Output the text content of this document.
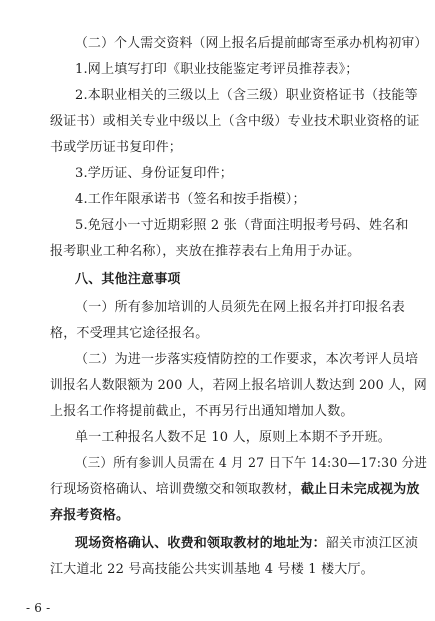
（二）个人需交资料（网上报名后提前邮寄至承办机构初审）
1.网上填写打印《职业技能鉴定考评员推荐表》；
2.本职业相关的三级以上（含三级）职业资格证书（技能等
级证书）或相关专业中级以上（含中级）专业技术职业资格的证
书或学历证书复印件；
3.学历证、身份证复印件；
4.工作年限承诺书（签名和按手指模）；
5.免冠小一寸近期彩照 2 张（背面注明报考号码、姓名和
报考职业工种名称），夹放在推荐表右上角用于办证。
八、其他注意事项
（一）所有参加培训的人员须先在网上报名并打印报名表
格，不受理其它途径报名。
（二）为进一步落实疫情防控的工作要求，本次考评人员培
训报名人数限额为 200 人，若网上报名培训人数达到 200 人，网
上报名工作将提前截止，不再另行出通知增加人数。
单一工种报名人数不足 10 人，原则上本期不予开班。
（三）所有参训人员需在 4 月 27 日下午 14:30—17:30 分进
行现场资格确认、培训费缴交和领取教材，截止日未完成视为放
弃报考资格。
现场资格确认、收费和领取教材的地址为：韶关市浈江区浈
江大道北 22 号高技能公共实训基地 4 号楼 1 楼大厅。
- 6 -
